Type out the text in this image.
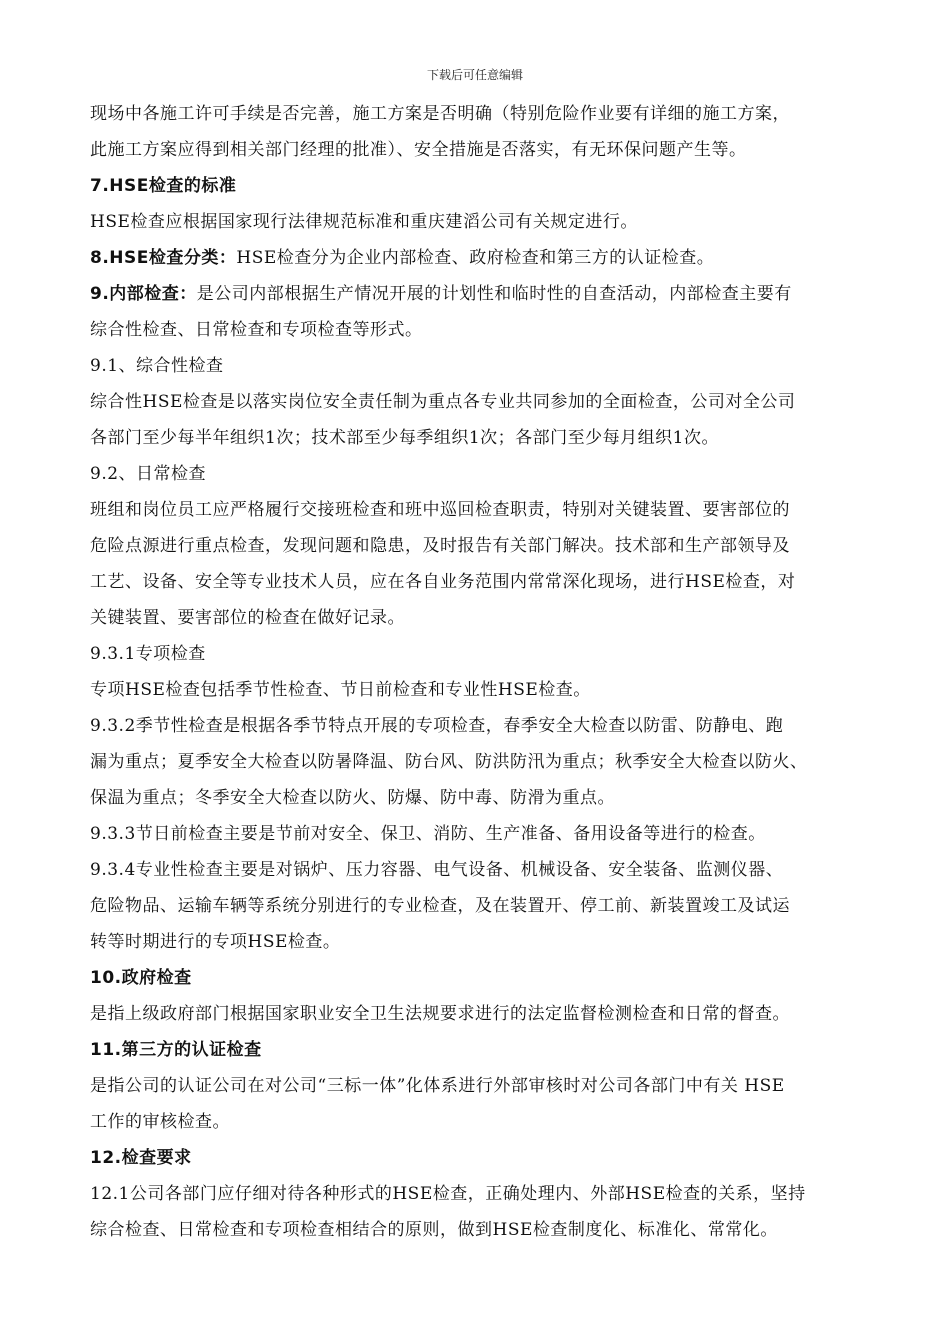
下载后可任意编辑
现场中各施工许可手续是否完善，施工方案是否明确（特别危险作业要有详细的施工方案，
此施工方案应得到相关部门经理的批准）、安全措施是否落实，有无环保问题产生等。
7.HSE检查的标准
HSE检查应根据国家现行法律规范标准和重庆建滔公司有关规定进行。
8.HSE检查分类：HSE检查分为企业内部检查、政府检查和第三方的认证检查。
9.内部检查：是公司内部根据生产情况开展的计划性和临时性的自查活动，内部检查主要有
综合性检查、日常检查和专项检查等形式。
9.1、综合性检查
综合性HSE检查是以落实岗位安全责任制为重点各专业共同参加的全面检查，公司对全公司
各部门至少每半年组织1次；技术部至少每季组织1次；各部门至少每月组织1次。
9.2、日常检查
班组和岗位员工应严格履行交接班检查和班中巡回检查职责，特别对关键装置、要害部位的
危险点源进行重点检查，发现问题和隐患，及时报告有关部门解决。技术部和生产部领导及
工艺、设备、安全等专业技术人员，应在各自业务范围内常常深化现场，进行HSE检查，对
关键装置、要害部位的检查在做好记录。
9.3.1专项检查
专项HSE检查包括季节性检查、节日前检查和专业性HSE检查。
9.3.2季节性检查是根据各季节特点开展的专项检查，春季安全大检查以防雷、防静电、跑
漏为重点；夏季安全大检查以防暑降温、防台风、防洪防汛为重点；秋季安全大检查以防火、
保温为重点；冬季安全大检查以防火、防爆、防中毒、防滑为重点。
9.3.3节日前检查主要是节前对安全、保卫、消防、生产准备、备用设备等进行的检查。
9.3.4专业性检查主要是对锅炉、压力容器、电气设备、机械设备、安全装备、监测仪器、
危险物品、运输车辆等系统分别进行的专业检查，及在装置开、停工前、新装置竣工及试运
转等时期进行的专项HSE检查。
10.政府检查
是指上级政府部门根据国家职业安全卫生法规要求进行的法定监督检测检查和日常的督查。
11.第三方的认证检查
是指公司的认证公司在对公司“三标一体”化体系进行外部审核时对公司各部门中有关 HSE
工作的审核检查。
12.检查要求
12.1公司各部门应仔细对待各种形式的HSE检查，正确处理内、外部HSE检查的关系，坚持
综合检查、日常检查和专项检查相结合的原则，做到HSE检查制度化、标准化、常常化。
